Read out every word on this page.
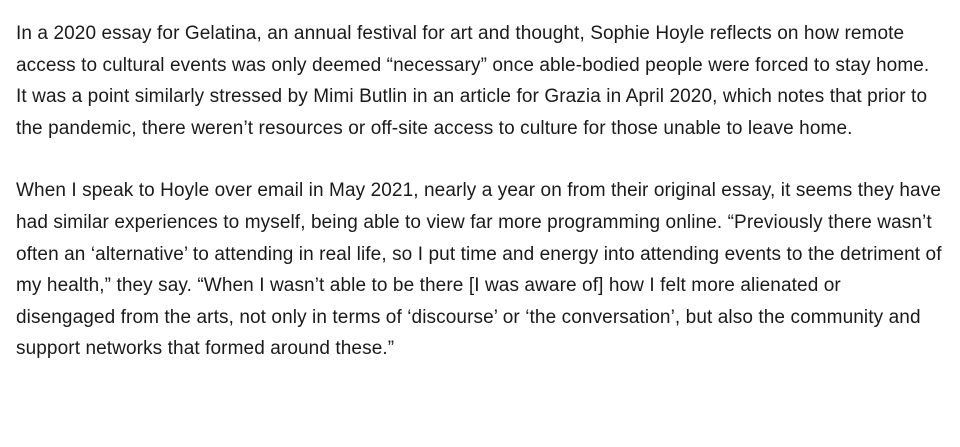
In a 2020 essay for Gelatina, an annual festival for art and thought, Sophie Hoyle reflects on how remote access to cultural events was only deemed “necessary” once able-bodied people were forced to stay home. It was a point similarly stressed by Mimi Butlin in an article for Grazia in April 2020, which notes that prior to the pandemic, there weren’t resources or off-site access to culture for those unable to leave home.

When I speak to Hoyle over email in May 2021, nearly a year on from their original essay, it seems they have had similar experiences to myself, being able to view far more programming online. “Previously there wasn’t often an ‘alternative’ to attending in real life, so I put time and energy into attending events to the detriment of my health,” they say. “When I wasn’t able to be there [I was aware of] how I felt more alienated or disengaged from the arts, not only in terms of ‘discourse’ or ‘the conversation’, but also the community and support networks that formed around these.”
